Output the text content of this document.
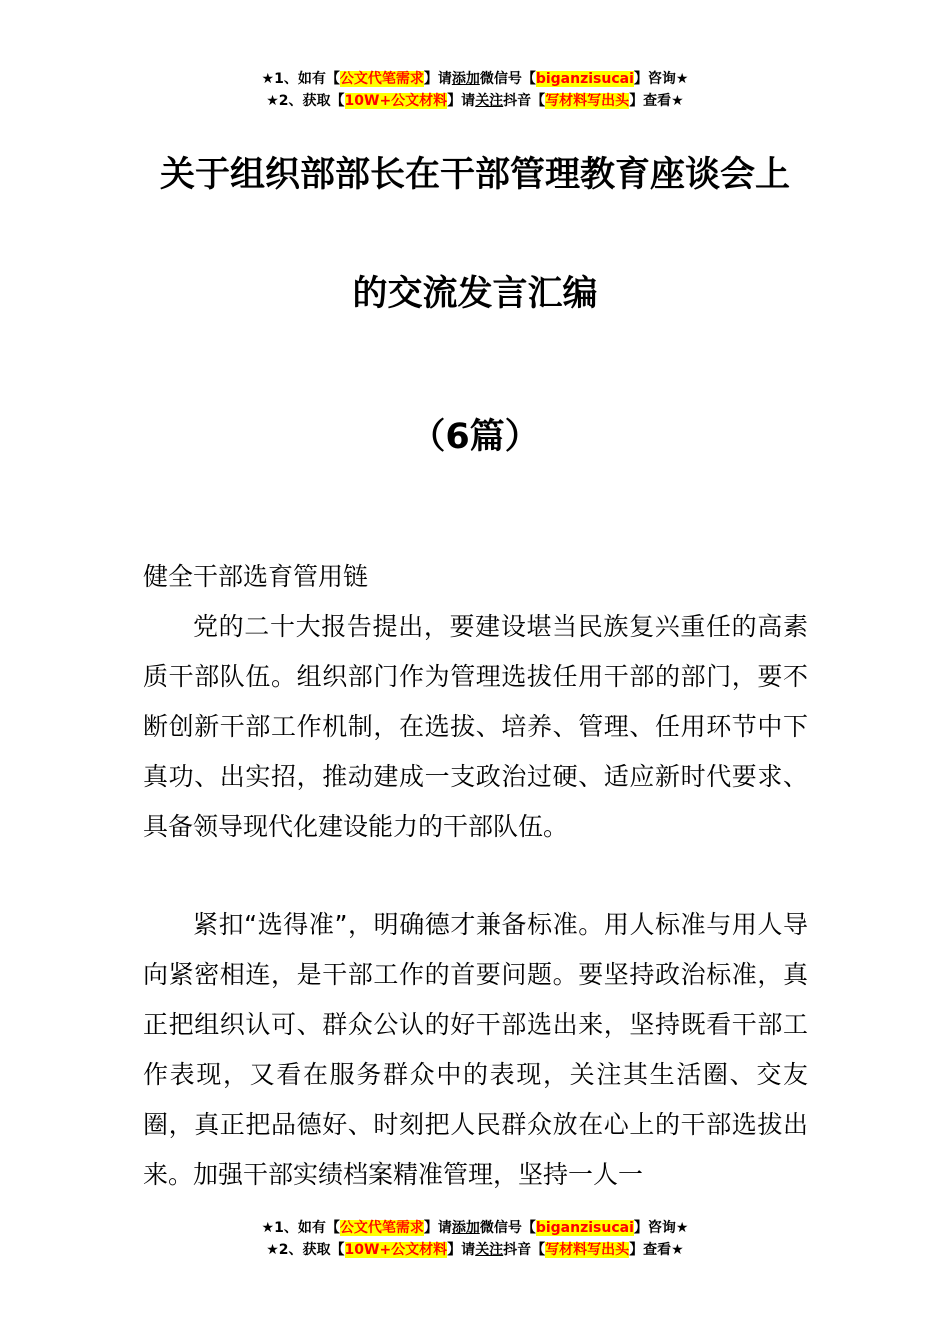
★1、如有【公文代笔需求】请添加微信号【biganzisucai】咨询★
★2、获取【10W+公文材料】请关注抖音【写材料写出头】查看★
关于组织部部长在干部管理教育座谈会上
的交流发言汇编
（6篇）
健全干部选育管用链

党的二十大报告提出，要建设堪当民族复兴重任的高素质干部队伍。组织部门作为管理选拔任用干部的部门，要不断创新干部工作机制，在选拔、培养、管理、任用环节中下真功、出实招，推动建成一支政治过硬、适应新时代要求、具备领导现代化建设能力的干部队伍。

紧扣“选得准”，明确德才兼备标准。用人标准与用人导向紧密相连，是干部工作的首要问题。要坚持政治标准，真正把组织认可、群众公认的好干部选出来，坚持既看干部工作表现，又看在服务群众中的表现，关注其生活圈、交友圈，真正把品德好、时刻把人民群众放在心上的干部选拔出来。加强干部实绩档案精准管理，坚持一人一

★1、如有【公文代笔需求】请添加微信号【biganzisucai】咨询★
★2、获取【10W+公文材料】请关注抖音【写材料写出头】查看★
